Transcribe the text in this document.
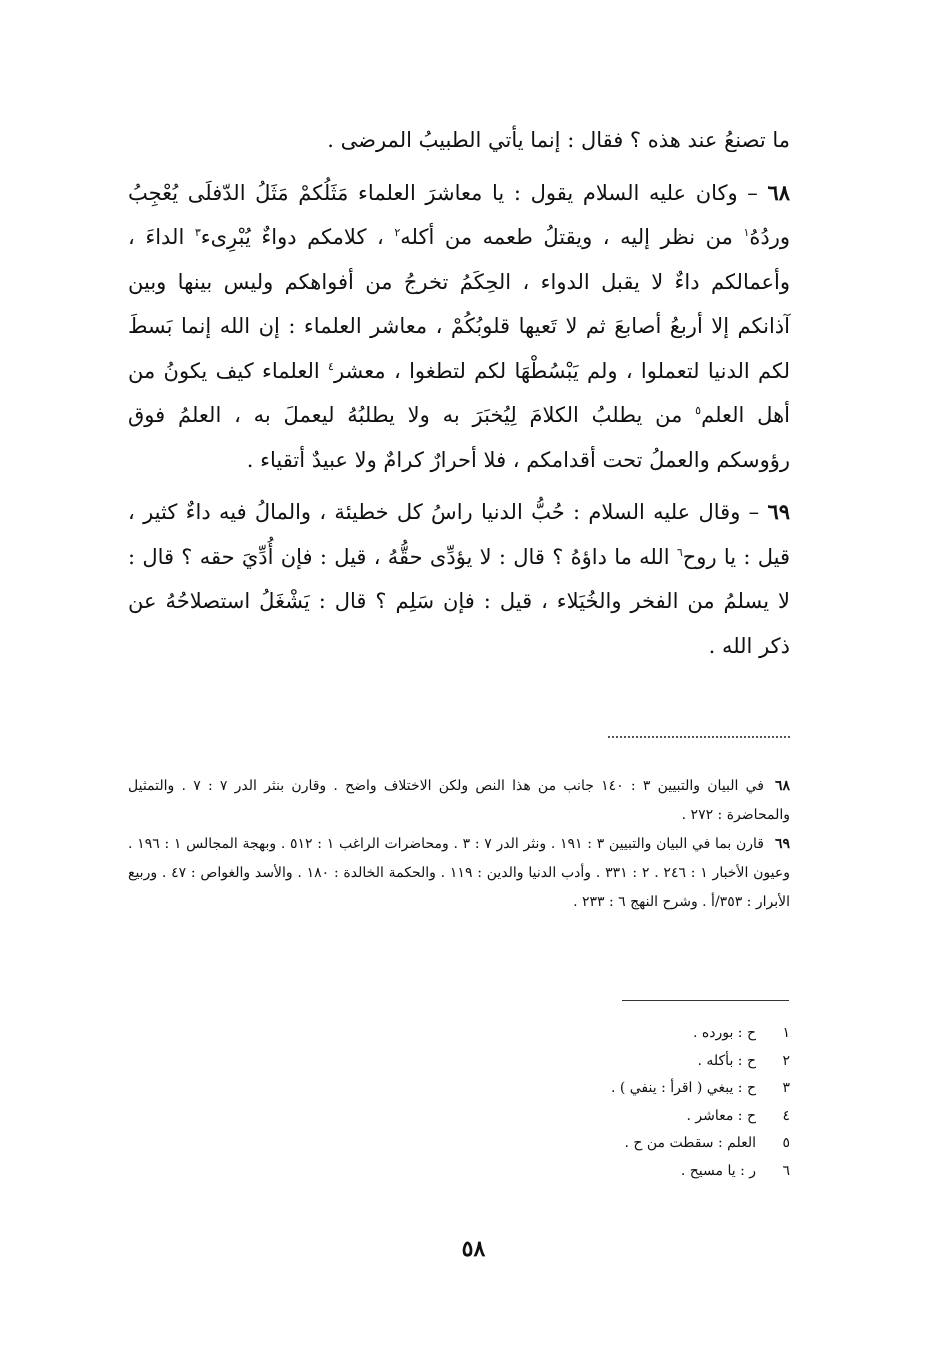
ما تصنعُ عند هذه ؟ فقال : إنما يأتي الطبيبُ المرضى .

٦٨ – وكان عليه السلام يقول : يا معاشرَ العلماء مَثَلُكمْ مَثَلُ الدّفلَى يُعْجِبُ وردُهُ$^١$ من نظر إليه ، ويقتلُ طعمه من أكله$^٢$ ، كلامكم دواءٌ يُبْرِىء$^٣$ الداءَ ، وأعمالكم داءٌ لا يقبل الدواء ، الحِكَمُ تخرجُ من أفواهكم وليس بينها وبين آذانكم إلا أربعُ أصابعَ ثم لا تَعيها قلوبُكُمْ ، معاشر العلماء : إن الله إنما بَسطَ لكم الدنيا لتعملوا ، ولم يَبْسُطْهَا لكم لتطغوا ، معشر$^٤$ العلماء كيف يكونُ من أهل العلم$^٥$ من يطلبُ الكلامَ لِيُخبَرَ به ولا يطلبُهُ ليعملَ به ، العلمُ فوق رؤوسكم والعملُ تحت أقدامكم ، فلا أحرارٌ كرامٌ ولا عبيدٌ أتقياء .

٦٩ – وقال عليه السلام : حُبُّ الدنيا راسُ كل خطيئة ، والمالُ فيه داءٌ كثير ، قيل : يا روح$^٦$ الله ما داؤهُ ؟ قال : لا يؤدِّى حقُّهُ ، قيل : فإن أُدِّيَ حقه ؟ قال : لا يسلمُ من الفخر والخُيَلاء ، قيل : فإن سَلِم ؟ قال : يَشْغَلُ استصلاحُهُ عن ذكر الله .

٦٨في البيان والتبيين ٣ : ١٤٠ جانب من هذا النص ولكن الاختلاف واضح . وقارن بنثر الدر ٧ : ٧ . والتمثيل والمحاضرة : ٢٧٢ .

٦٩قارن بما في البيان والتبيين ٣ : ١٩١ . ونثر الدر ٧ : ٣ . ومحاضرات الراغب ١ : ٥١٢ . وبهجة المجالس ١ : ١٩٦ . وعيون الأخبار ١ : ٢٤٦ . ٢ : ٣٣١ . وأدب الدنيا والدين : ١١٩ . والحكمة الخالدة : ١٨٠ . والأسد والغواص : ٤٧ . وربيع الأبرار : ٣٥٣/أ . وشرح النهج ٦ : ٢٣٣ .

١ح : بورده .
٢ح : بأكله .
٣ح : يبغي ( اقرأ : ينفي ) .
٤ح : معاشر .
٥العلم : سقطت من ح .
٦ر : يا مسيح .
٥٨
